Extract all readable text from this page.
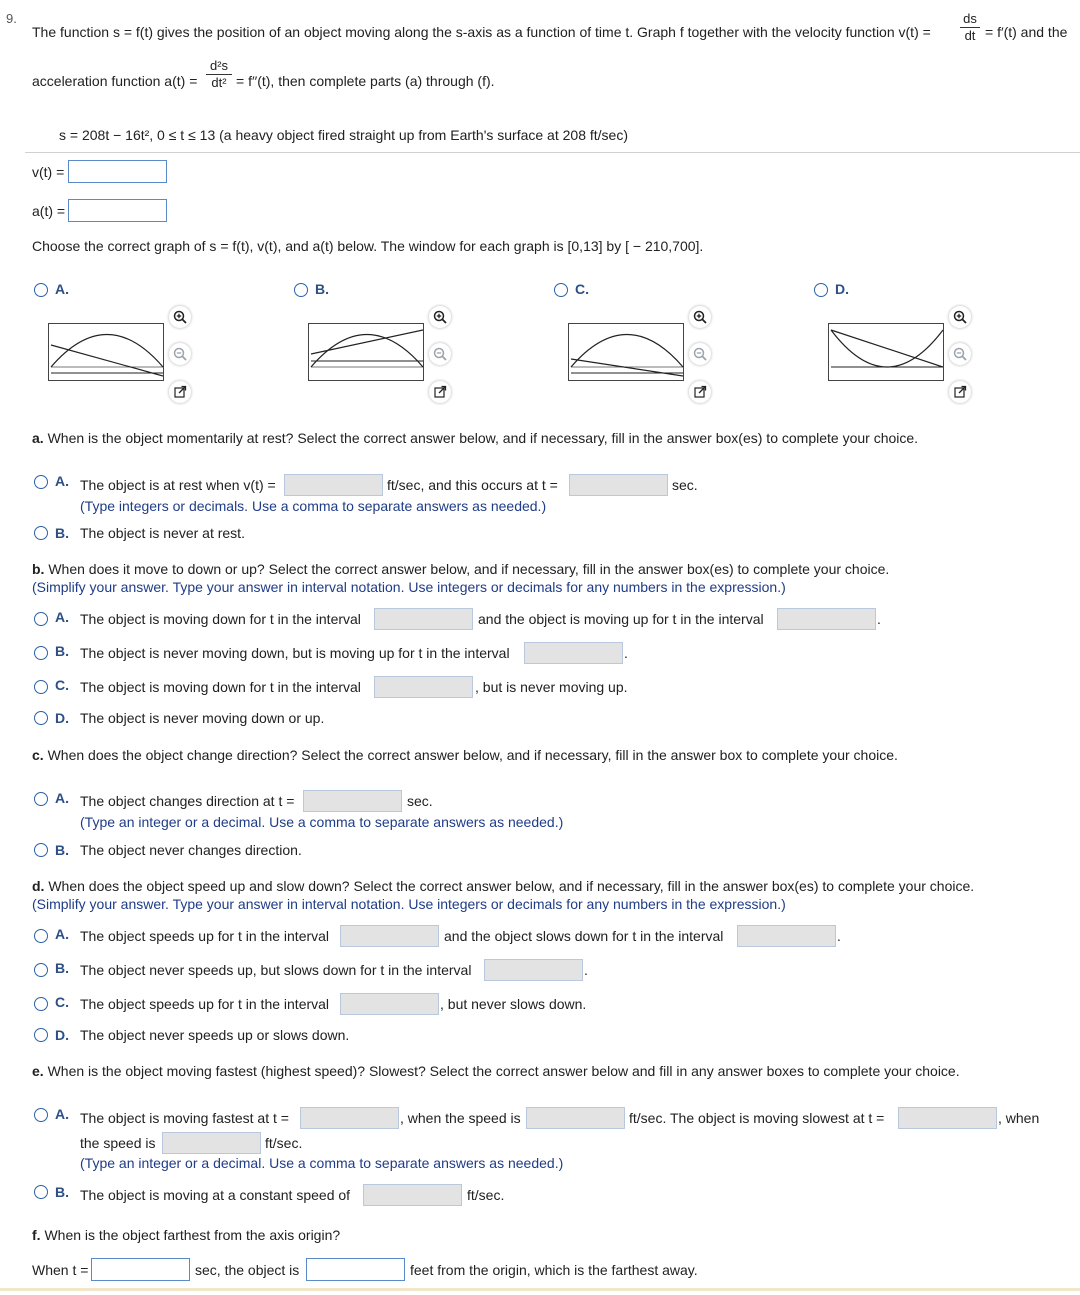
9.
The function s = f(t) gives the position of an object moving along the s-axis as a function of time t. Graph f together with the velocity function v(t) =
ds
dt = f′(t) and the
acceleration function a(t) =
d²s
dt² = f′′(t), then complete parts (a) through (f).
s = 208t − 16t², 0 ≤ t ≤ 13 (a heavy object fired straight up from Earth's surface at 208 ft/sec)
v(t) =
a(t) =
Choose the correct graph of s = f(t), v(t), and a(t) below. The window for each graph is [0,13] by [ − 210,700].
A.	B.	C.	D.
a. When is the object momentarily at rest? Select the correct answer below, and if necessary, fill in the answer box(es) to complete your choice.
A. The object is at rest when v(t) =	ft/sec, and this occurs at t =	sec.
(Type integers or decimals. Use a comma to separate answers as needed.)
B. The object is never at rest.
b. When does it move to down or up? Select the correct answer below, and if necessary, fill in the answer box(es) to complete your choice.
(Simplify your answer. Type your answer in interval notation. Use integers or decimals for any numbers in the expression.)
A. The object is moving down for t in the interval	and the object is moving up for t in the interval	.
B. The object is never moving down, but is moving up for t in the interval	.
C. The object is moving down for t in the interval	, but is never moving up.
D. The object is never moving down or up.
c. When does the object change direction? Select the correct answer below, and if necessary, fill in the answer box to complete your choice.
A. The object changes direction at t =	sec.
(Type an integer or a decimal. Use a comma to separate answers as needed.)
B. The object never changes direction.
d. When does the object speed up and slow down? Select the correct answer below, and if necessary, fill in the answer box(es) to complete your choice.
(Simplify your answer. Type your answer in interval notation. Use integers or decimals for any numbers in the expression.)
A. The object speeds up for t in the interval	and the object slows down for t in the interval	.
B. The object never speeds up, but slows down for t in the interval	.
C. The object speeds up for t in the interval	, but never slows down.
D. The object never speeds up or slows down.
e. When is the object moving fastest (highest speed)? Slowest? Select the correct answer below and fill in any answer boxes to complete your choice.
A. The object is moving fastest at t =	, when the speed is	ft/sec. The object is moving slowest at t =	, when
the speed is	ft/sec.
(Type an integer or a decimal. Use a comma to separate answers as needed.)
B. The object is moving at a constant speed of	ft/sec.
f. When is the object farthest from the axis origin?
When t =	sec, the object is	feet from the origin, which is the farthest away.
